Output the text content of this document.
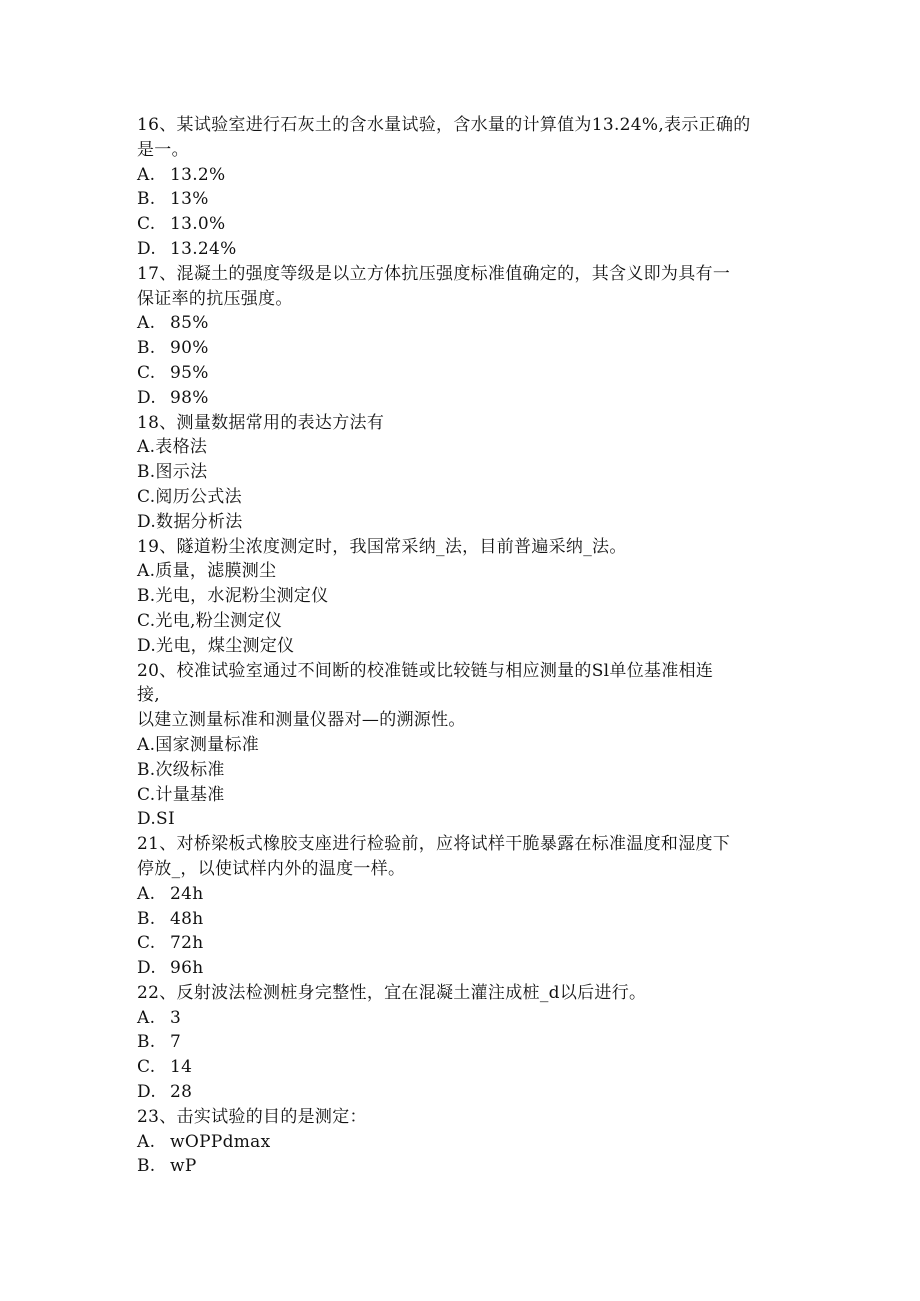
16、某试验室进行石灰土的含水量试验，含水量的计算值为13.24%,表示正确的
是一。
A. 13.2%
B. 13%
C. 13.0%
D. 13.24%
17、混凝土的强度等级是以立方体抗压强度标准值确定的，其含义即为具有一
保证率的抗压强度。
A. 85%
B. 90%
C. 95%
D. 98%
18、测量数据常用的表达方法有
A.表格法
B.图示法
C.阅历公式法
D.数据分析法
19、隧道粉尘浓度测定时，我国常采纳_法，目前普遍采纳_法。
A.质量，滤膜测尘
B.光电，水泥粉尘测定仪
C.光电,粉尘测定仪
D.光电，煤尘测定仪
20、校准试验室通过不间断的校准链或比较链与相应测量的Sl单位基准相连
接,
以建立测量标准和测量仪器对—的溯源性。
A.国家测量标准
B.次级标准
C.计量基准
D.SI
21、对桥梁板式橡胶支座进行检验前，应将试样干脆暴露在标准温度和湿度下
停放_，以使试样内外的温度一样。
A. 24h
B. 48h
C. 72h
D. 96h
22、反射波法检测桩身完整性，宜在混凝土灌注成桩_d以后进行。
A. 3
B. 7
C. 14
D. 28
23、击实试验的目的是测定：
A. wOPPdmax
B. wP
